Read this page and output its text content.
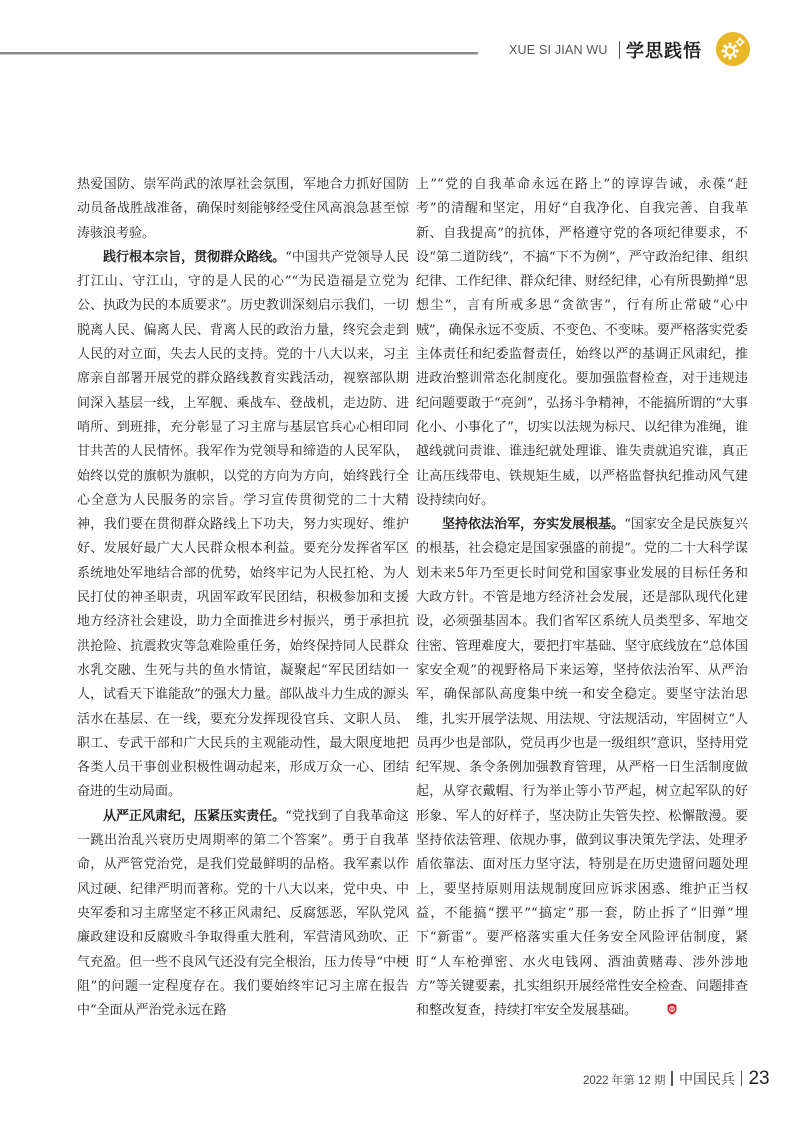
XUE SI JIAN WU 学思践悟

热爱国防、崇军尚武的浓厚社会氛围，军地合力抓好国防动员备战胜战准备，确保时刻能够经受住风高浪急甚至惊涛骇浪考验。

践行根本宗旨，贯彻群众路线。“中国共产党领导人民打江山、守江山，守的是人民的心”“为民造福是立党为公、执政为民的本质要求”。历史教训深刻启示我们，一切脱离人民、偏离人民、背离人民的政治力量，终究会走到人民的对立面，失去人民的支持。党的十八大以来，习主席亲自部署开展党的群众路线教育实践活动，视察部队期间深入基层一线，上军舰、乘战车、登战机，走边防、进哨所、到班排，充分彰显了习主席与基层官兵心心相印同甘共苦的人民情怀。我军作为党领导和缔造的人民军队，始终以党的旗帜为旗帜，以党的方向为方向，始终践行全心全意为人民服务的宗旨。学习宣传贯彻党的二十大精神，我们要在贯彻群众路线上下功夫，努力实现好、维护好、发展好最广大人民群众根本利益。要充分发挥省军区系统地处军地结合部的优势，始终牢记为人民扛枪、为人民打仗的神圣职责，巩固军政军民团结，积极参加和支援地方经济社会建设，助力全面推进乡村振兴，勇于承担抗洪抢险、抗震救灾等急难险重任务，始终保持同人民群众水乳交融、生死与共的鱼水情谊，凝聚起“军民团结如一人，试看天下谁能敌”的强大力量。部队战斗力生成的源头活水在基层、在一线，要充分发挥现役官兵、文职人员、职工、专武干部和广大民兵的主观能动性，最大限度地把各类人员干事创业积极性调动起来，形成万众一心、团结奋进的生动局面。

从严正风肃纪，压紧压实责任。“党找到了自我革命这一跳出治乱兴衰历史周期率的第二个答案”。勇于自我革命，从严管党治党，是我们党最鲜明的品格。我军素以作风过硬、纪律严明而著称。党的十八大以来，党中央、中央军委和习主席坚定不移正风肃纪、反腐惩恶，军队党风廉政建设和反腐败斗争取得重大胜利，军营清风劲吹、正气充盈。但一些不良风气还没有完全根治，压力传导“中梗阻”的问题一定程度存在。我们要始终牢记习主席在报告中“全面从严治党永远在路

上”“党的自我革命永远在路上”的谆谆告诫，永葆“赶考”的清醒和坚定，用好“自我净化、自我完善、自我革新、自我提高”的抗体，严格遵守党的各项纪律要求，不设“第二道防线”，不搞“下不为例”，严守政治纪律、组织纪律、工作纪律、群众纪律、财经纪律，心有所畏勤掸“思想尘”，言有所戒多思“贪欲害”，行有所止常破“心中贼”，确保永远不变质、不变色、不变味。要严格落实党委主体责任和纪委监督责任，始终以严的基调正风肃纪，推进政治整训常态化制度化。要加强监督检查，对于违规违纪问题要敢于“亮剑”，弘扬斗争精神，不能搞所谓的“大事化小、小事化了”，切实以法规为标尺、以纪律为准绳，谁越线就问责谁、谁违纪就处理谁、谁失责就追究谁，真正让高压线带电、铁规矩生威，以严格监督执纪推动风气建设持续向好。

坚持依法治军，夯实发展根基。“国家安全是民族复兴的根基，社会稳定是国家强盛的前提”。党的二十大科学谋划未来5年乃至更长时间党和国家事业发展的目标任务和大政方针。不管是地方经济社会发展，还是部队现代化建设，必须强基固本。我们省军区系统人员类型多、军地交往密、管理难度大，要把打牢基础、坚守底线放在“总体国家安全观”的视野格局下来运筹，坚持依法治军、从严治军，确保部队高度集中统一和安全稳定。要坚守法治思维，扎实开展学法规、用法规、守法规活动，牢固树立“人员再少也是部队，党员再少也是一级组织”意识，坚持用党纪军规、条令条例加强教育管理，从严格一日生活制度做起，从穿衣戴帽、行为举止等小节严起，树立起军队的好形象、军人的好样子，坚决防止失管失控、松懈散漫。要坚持依法管理、依规办事，做到议事决策先学法、处理矛盾依靠法、面对压力坚守法，特别是在历史遗留问题处理上，要坚持原则用法规制度回应诉求困惑、维护正当权益，不能搞“摆平”“搞定”那一套，防止拆了“旧弹”埋下“新雷”。要严格落实重大任务安全风险评估制度，紧盯“人车枪弹密、水火电钱网、酒油黄赌毒、涉外涉地方”等关键要素，扎实组织开展经常性安全检查、问题排查和整改复查，持续打牢安全发展基础。

2022 年第 12 期 中国民兵 23
